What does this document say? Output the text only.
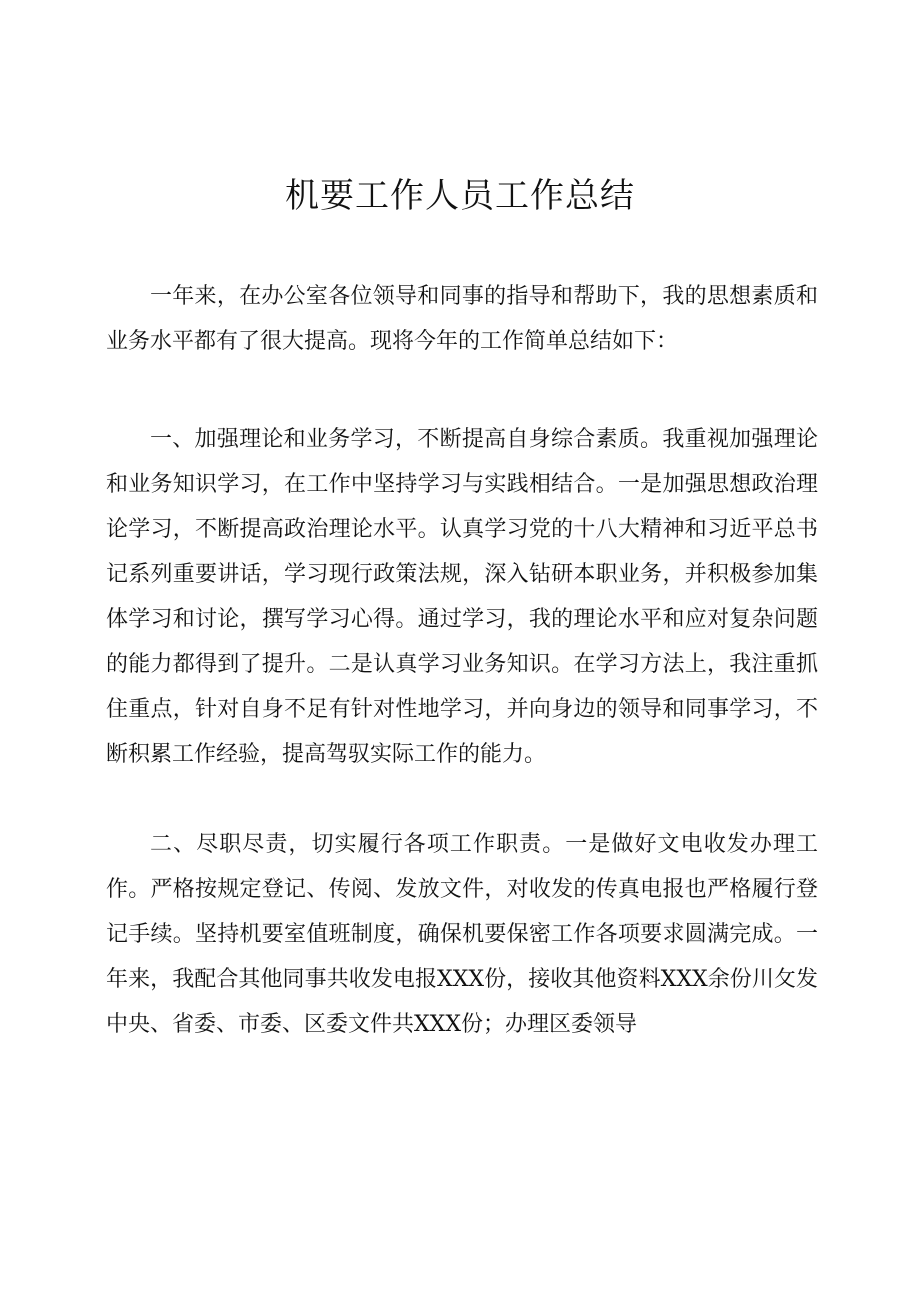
机要工作人员工作总结

一年来，在办公室各位领导和同事的指导和帮助下，我的思想素质和业务水平都有了很大提高。现将今年的工作简单总结如下：

一、加强理论和业务学习，不断提高自身综合素质。我重视加强理论和业务知识学习，在工作中坚持学习与实践相结合。一是加强思想政治理论学习，不断提高政治理论水平。认真学习党的十八大精神和习近平总书记系列重要讲话，学习现行政策法规，深入钻研本职业务，并积极参加集体学习和讨论，撰写学习心得。通过学习，我的理论水平和应对复杂问题的能力都得到了提升。二是认真学习业务知识。在学习方法上，我注重抓住重点，针对自身不足有针对性地学习，并向身边的领导和同事学习，不断积累工作经验，提高驾驭实际工作的能力。

二、尽职尽责，切实履行各项工作职责。一是做好文电收发办理工作。严格按规定登记、传阅、发放文件，对收发的传真电报也严格履行登记手续。坚持机要室值班制度，确保机要保密工作各项要求圆满完成。一年来，我配合其他同事共收发电报XXX份，接收其他资料XXX余份川攵发中央、省委、市委、区委文件共XXX份；办理区委领导
